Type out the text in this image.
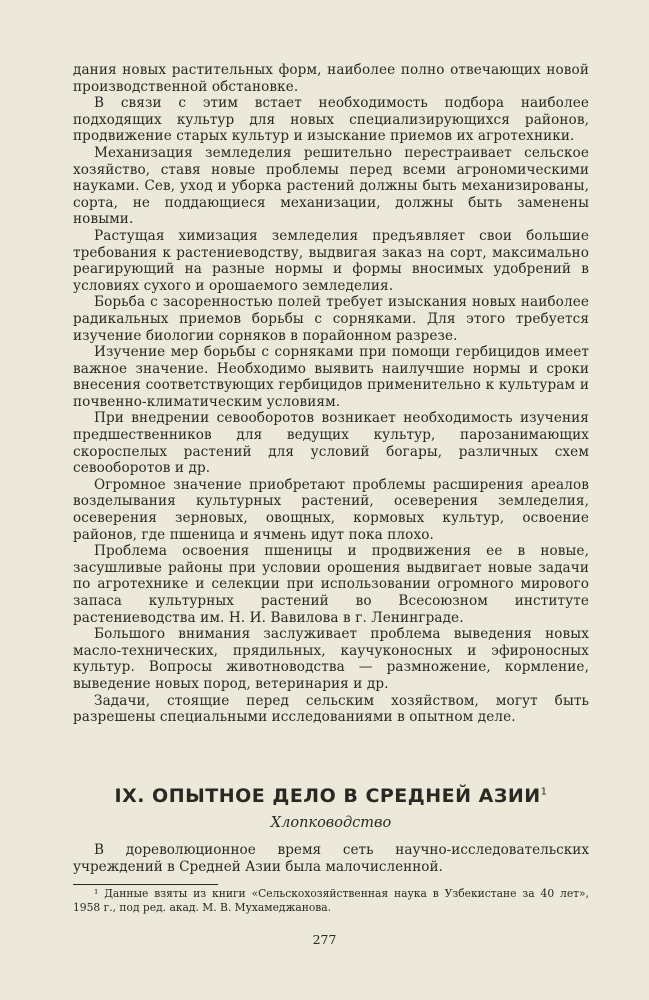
дания новых растительных форм, наиболее полно отвечающих новой производственной обстановке.

В связи с этим встает необходимость подбора наиболее подходящих культур для новых специализирующихся районов, продвижение старых культур и изыскание приемов их агротехники.

Механизация земледелия решительно перестраивает сельское хозяйство, ставя новые проблемы перед всеми агрономическими науками. Сев, уход и уборка растений должны быть механизированы, сорта, не поддающиеся механизации, должны быть заменены новыми.

Растущая химизация земледелия предъявляет свои большие требования к растениеводству, выдвигая заказ на сорт, максимально реагирующий на разные нормы и формы вносимых удобрений в условиях сухого и орошаемого земледелия.

Борьба с засоренностью полей требует изыскания новых наиболее радикальных приемов борьбы с сорняками. Для этого требуется изучение биологии сорняков в порайонном разрезе.

Изучение мер борьбы с сорняками при помощи гербицидов имеет важное значение. Необходимо выявить наилучшие нормы и сроки внесения соответствующих гербицидов применительно к культурам и почвенно-климатическим условиям.

При внедрении севооборотов возникает необходимость изучения предшественников для ведущих культур, парозанимающих скороспелых растений для условий богары, различных схем севооборотов и др.

Огромное значение приобретают проблемы расширения ареалов возделывания культурных растений, осеверения земледелия, осеверения зерновых, овощных, кормовых культур, освоение районов, где пшеница и ячмень идут пока плохо.

Проблема освоения пшеницы и продвижения ее в новые, засушливые районы при условии орошения выдвигает новые задачи по агротехнике и селекции при использовании огромного мирового запаса культурных растений во Всесоюзном институте растениеводства им. Н. И. Вавилова в г. Ленинграде.

Большого внимания заслуживает проблема выведения новых масло-технических, прядильных, каучуконосных и эфироносных культур. Вопросы животноводства — размножение, кормление, выведение новых пород, ветеринария и др.

Задачи, стоящие перед сельским хозяйством, могут быть разрешены специальными исследованиями в опытном деле.

IX. ОПЫТНОЕ ДЕЛО В СРЕДНЕЙ АЗИИ$^1$
Хлопководство

В дореволюционное время сеть научно-исследовательских учреждений в Средней Азии была малочисленной.

¹ Данные взяты из книги «Сельскохозяйственная наука в Узбекистане за 40 лет», 1958 г., под ред. акад. М. В. Мухамеджанова.

277
